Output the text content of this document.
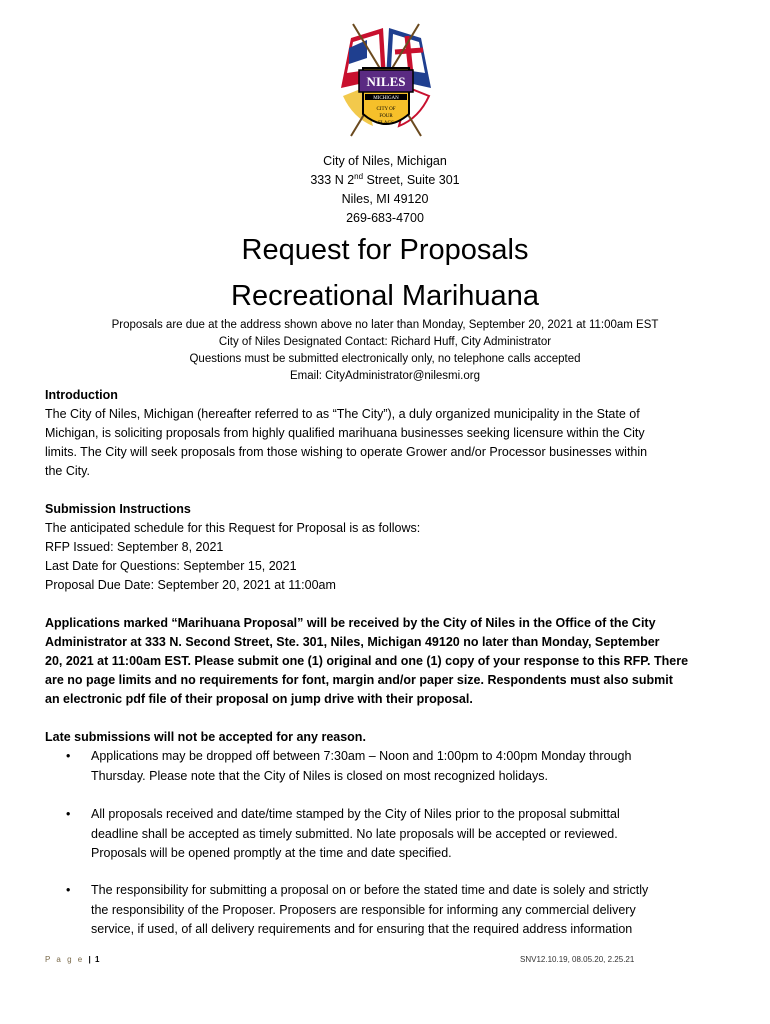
NILES
MICHIGAN
CITY OF
FOUR
FLAGS
City of Niles, Michigan
333 N 2nd Street, Suite 301
Niles, MI 49120
269-683-4700
Request for Proposals
Recreational Marihuana
Proposals are due at the address shown above no later than Monday, September 20, 2021 at 11:00am EST
City of Niles Designated Contact: Richard Huff, City Administrator
Questions must be submitted electronically only, no telephone calls accepted
Email: CityAdministrator@nilesmi.org
Introduction
The City of Niles, Michigan (hereafter referred to as “The City”), a duly organized municipality in the State of
Michigan, is soliciting proposals from highly qualified marihuana businesses seeking licensure within the City
limits. The City will seek proposals from those wishing to operate Grower and/or Processor businesses within
the City.
Submission Instructions
The anticipated schedule for this Request for Proposal is as follows:
RFP Issued: September 8, 2021
Last Date for Questions: September 15, 2021
Proposal Due Date: September 20, 2021 at 11:00am
Applications marked “Marihuana Proposal” will be received by the City of Niles in the Office of the City
Administrator at 333 N. Second Street, Ste. 301, Niles, Michigan 49120 no later than Monday, September
20, 2021 at 11:00am EST. Please submit one (1) original and one (1) copy of your response to this RFP. There
are no page limits and no requirements for font, margin and/or paper size. Respondents must also submit
an electronic pdf file of their proposal on jump drive with their proposal.
Late submissions will not be accepted for any reason.
• Applications may be dropped off between 7:30am – Noon and 1:00pm to 4:00pm Monday through
Thursday. Please note that the City of Niles is closed on most recognized holidays.
• All proposals received and date/time stamped by the City of Niles prior to the proposal submittal
deadline shall be accepted as timely submitted. No late proposals will be accepted or reviewed.
Proposals will be opened promptly at the time and date specified.
• The responsibility for submitting a proposal on or before the stated time and date is solely and strictly
the responsibility of the Proposer. Proposers are responsible for informing any commercial delivery
service, if used, of all delivery requirements and for ensuring that the required address information
P a g e | 1	SNV12.10.19, 08.05.20, 2.25.21
